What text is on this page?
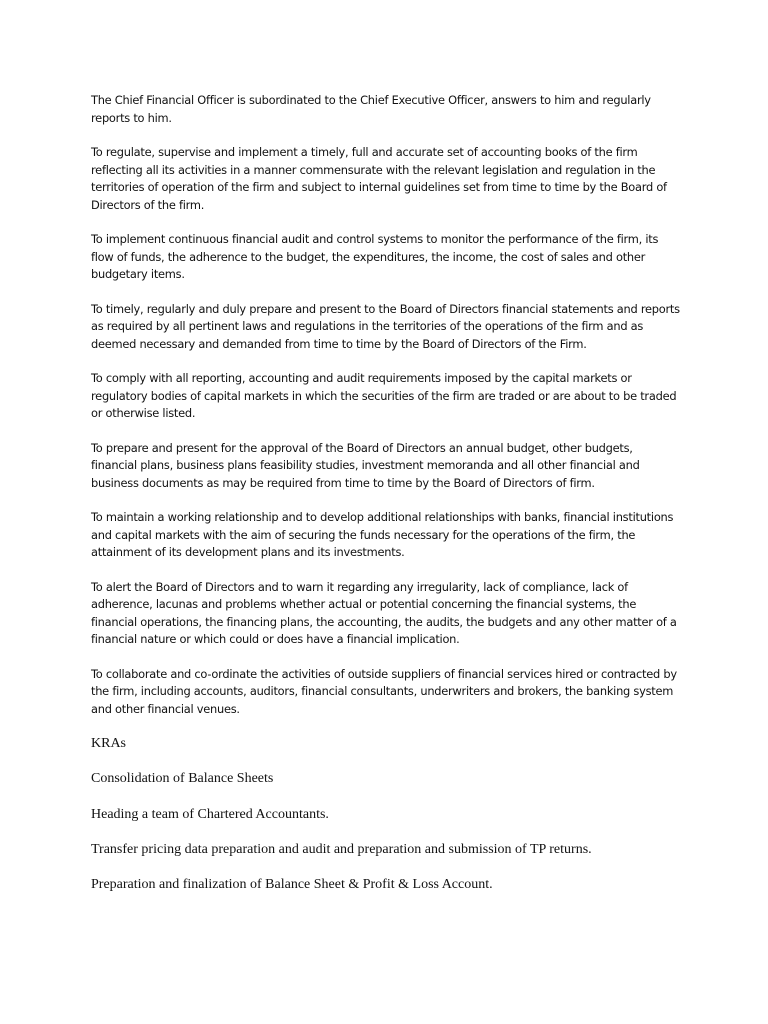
The Chief Financial Officer is subordinated to the Chief Executive Officer, answers to him and regularly reports to him.

To regulate, supervise and implement a timely, full and accurate set of accounting books of the firm reflecting all its activities in a manner commensurate with the relevant legislation and regulation in the territories of operation of the firm and subject to internal guidelines set from time to time by the Board of Directors of the firm.

To implement continuous financial audit and control systems to monitor the performance of the firm, its flow of funds, the adherence to the budget, the expenditures, the income, the cost of sales and other budgetary items.

To timely, regularly and duly prepare and present to the Board of Directors financial statements and reports as required by all pertinent laws and regulations in the territories of the operations of the firm and as deemed necessary and demanded from time to time by the Board of Directors of the Firm.

To comply with all reporting, accounting and audit requirements imposed by the capital markets or regulatory bodies of capital markets in which the securities of the firm are traded or are about to be traded or otherwise listed.

To prepare and present for the approval of the Board of Directors an annual budget, other budgets, financial plans, business plans feasibility studies, investment memoranda and all other financial and business documents as may be required from time to time by the Board of Directors of firm.

To maintain a working relationship and to develop additional relationships with banks, financial institutions and capital markets with the aim of securing the funds necessary for the operations of the firm, the attainment of its development plans and its investments.

To alert the Board of Directors and to warn it regarding any irregularity, lack of compliance, lack of adherence, lacunas and problems whether actual or potential concerning the financial systems, the financial operations, the financing plans, the accounting, the audits, the budgets and any other matter of a financial nature or which could or does have a financial implication.

To collaborate and co-ordinate the activities of outside suppliers of financial services hired or contracted by the firm, including accounts, auditors, financial consultants, underwriters and brokers, the banking system and other financial venues.

KRAs

Consolidation of Balance Sheets

Heading a team of Chartered Accountants.

Transfer pricing data preparation and audit and preparation and submission of TP returns.

Preparation and finalization of Balance Sheet & Profit & Loss Account.
